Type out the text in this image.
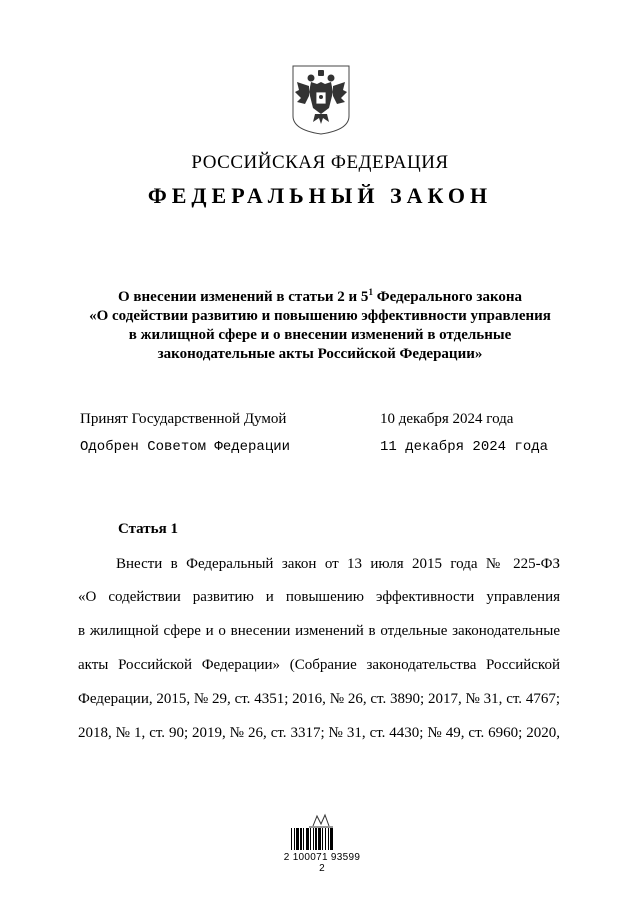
РОССИЙСКАЯ ФЕДЕРАЦИЯ
ФЕДЕРАЛЬНЫЙ ЗАКОН
О внесении изменений в статьи 2 и $5^1$ Федерального закона
«О содействии развитию и повышению эффективности управления
в жилищной сфере и о внесении изменений в отдельные
законодательные акты Российской Федерации»
Принят Государственной Думой	10 декабря 2024 года
Одобрен Советом Федерации	11 декабря 2024 года
Статья 1
Внести в Федеральный закон от 13 июля 2015 года № 225-ФЗ
«О содействии развитию и повышению эффективности управления
в жилищной сфере и о внесении изменений в отдельные законодательные
акты Российской Федерации» (Собрание законодательства Российской
Федерации, 2015, № 29, ст. 4351; 2016, № 26, ст. 3890; 2017, № 31, ст. 4767;
2018, № 1, ст. 90; 2019, № 26, ст. 3317; № 31, ст. 4430; № 49, ст. 6960; 2020,
2 100071 93599 2
